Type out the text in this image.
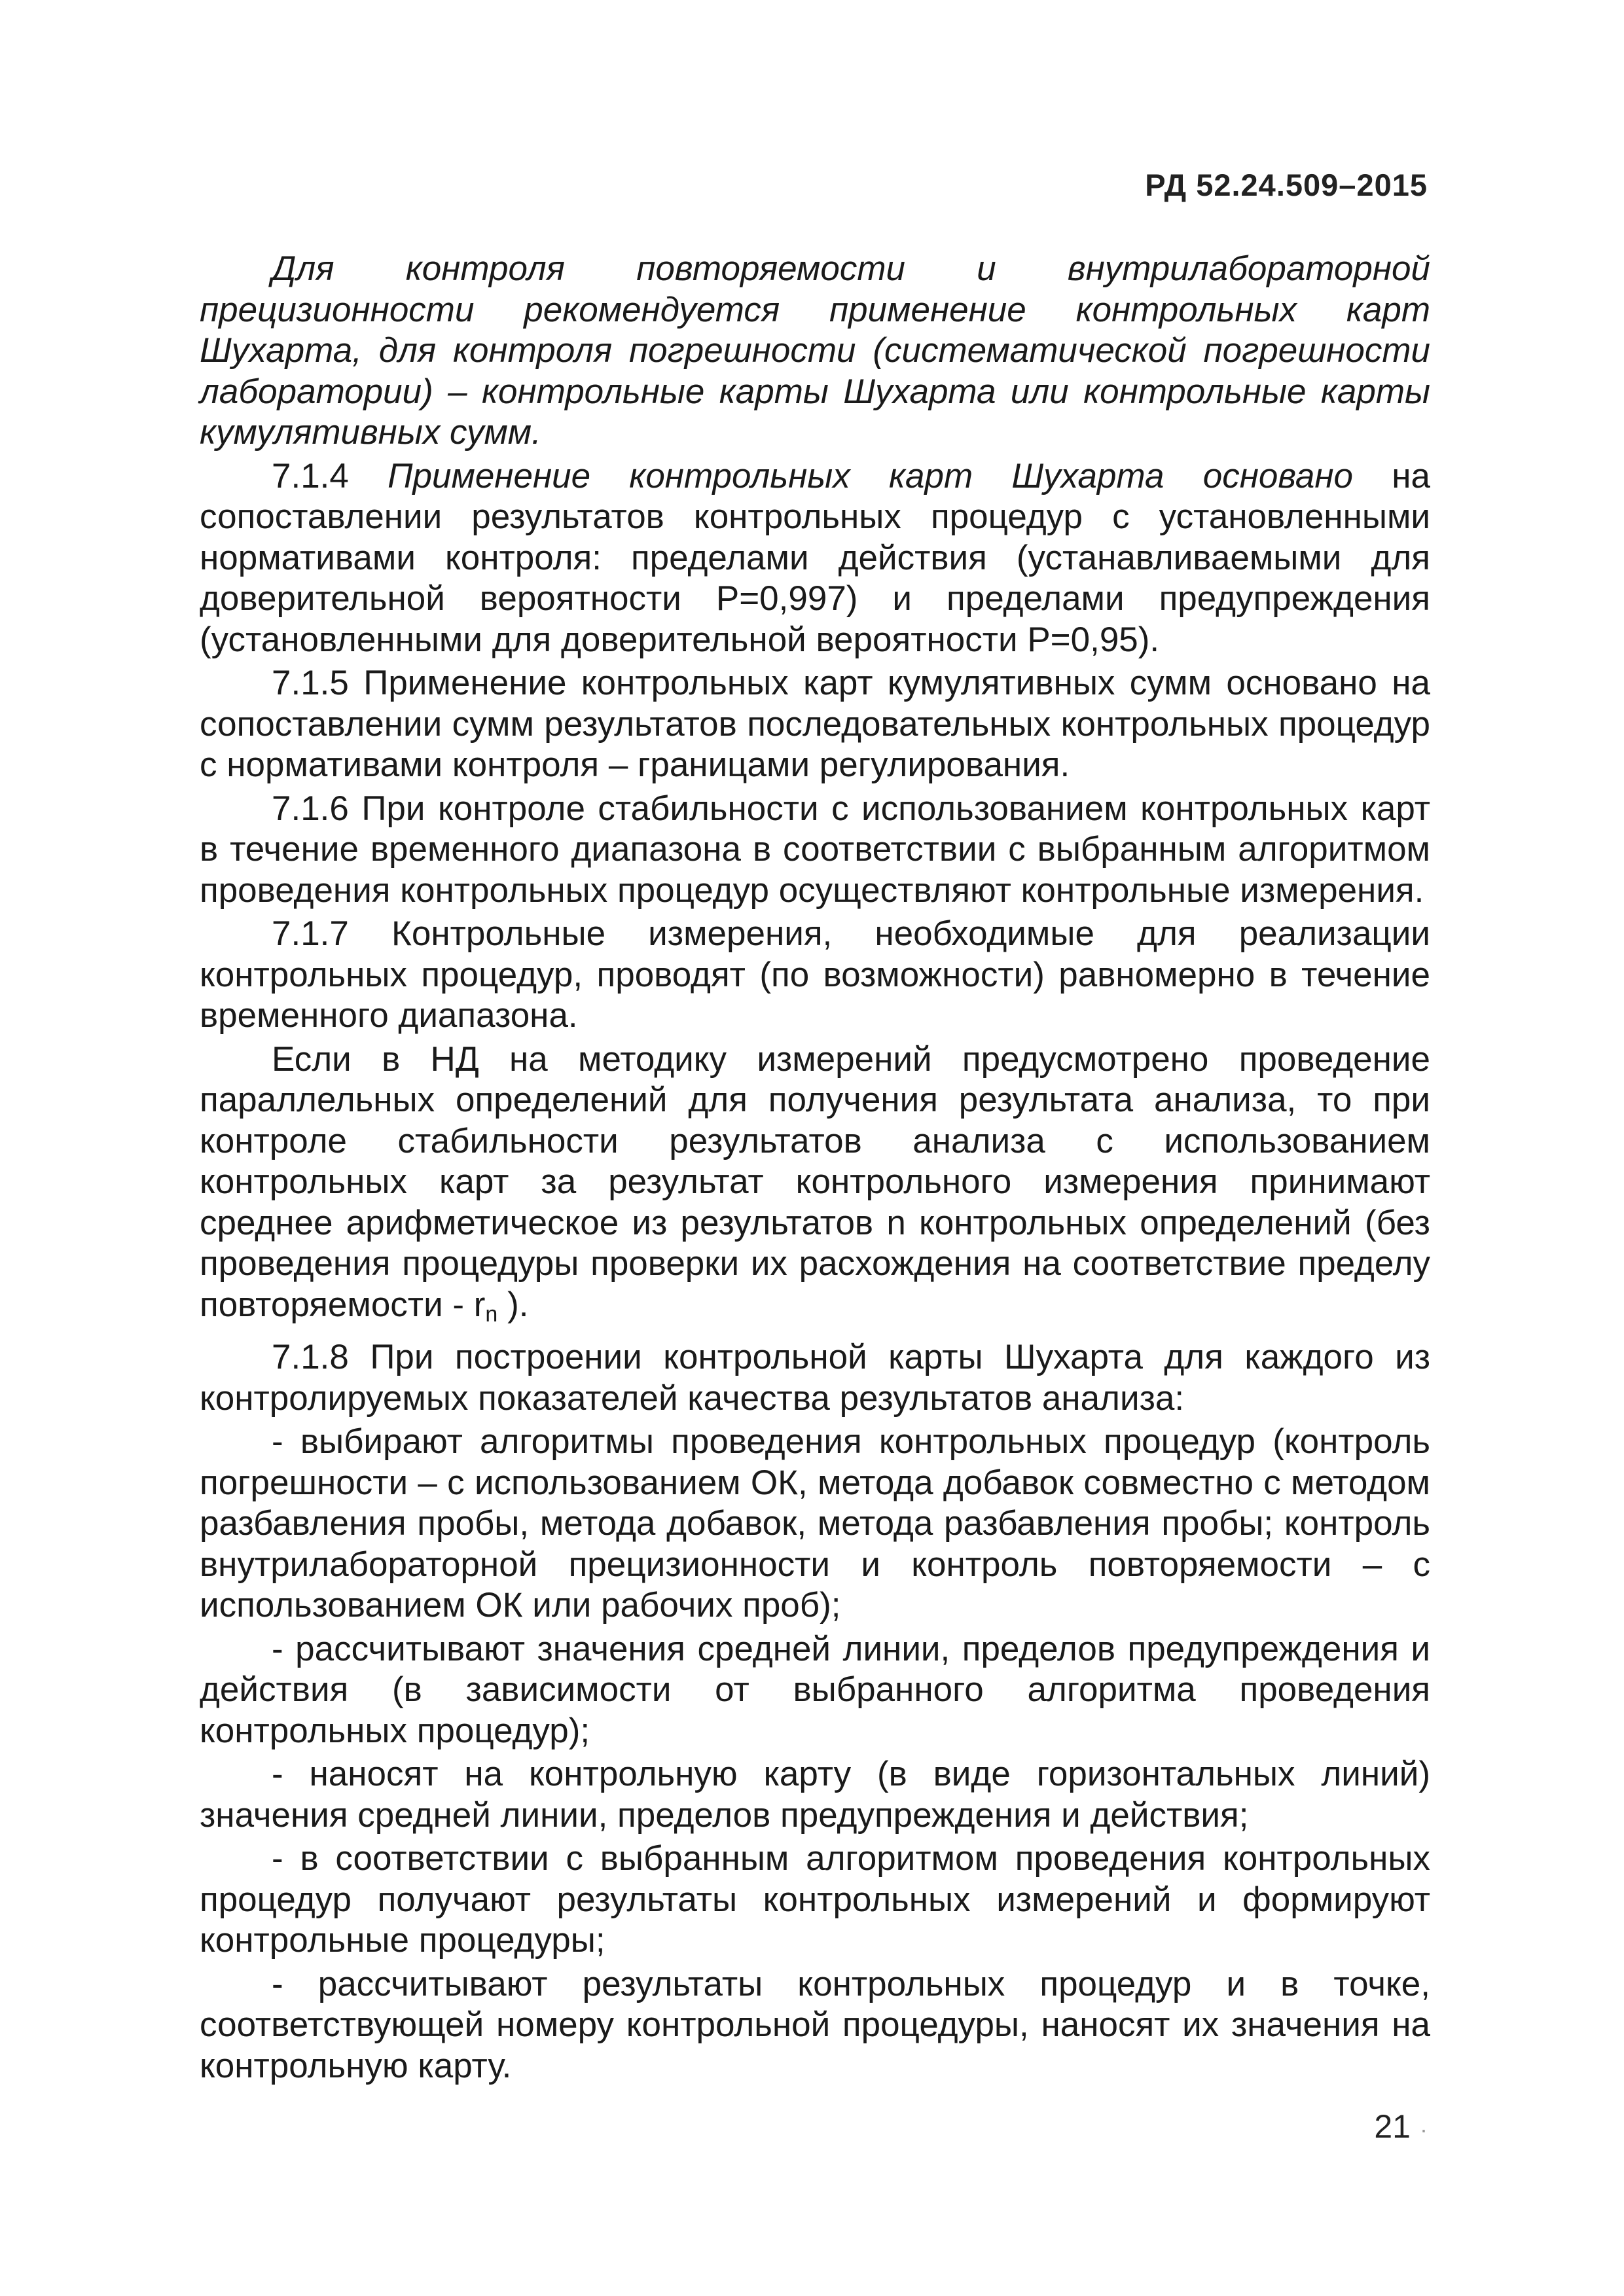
РД 52.24.509–2015

Для контроля повторяемости и внутрилабораторной прецизионности рекомендуется применение контрольных карт Шухарта, для контроля погрешности (систематической погрешности лаборатории) – контрольные карты Шухарта или контрольные карты кумулятивных сумм.

7.1.4 Применение контрольных карт Шухарта основано на сопоставлении результатов контрольных процедур с установленными нормативами контроля: пределами действия (устанавливаемыми для доверительной вероятности P=0,997) и пределами предупреждения (установленными для доверительной вероятности P=0,95).

7.1.5 Применение контрольных карт кумулятивных сумм основано на сопоставлении сумм результатов последовательных контрольных процедур с нормативами контроля – границами регулирования.

7.1.6 При контроле стабильности с использованием контрольных карт в течение временного диапазона в соответствии с выбранным алгоритмом проведения контрольных процедур осуществляют контрольные измерения.

7.1.7 Контрольные измерения, необходимые для реализации контрольных процедур, проводят (по возможности) равномерно в течение временного диапазона.

Если в НД на методику измерений предусмотрено проведение параллельных определений для получения результата анализа, то при контроле стабильности результатов анализа с использованием контрольных карт за результат контрольного измерения принимают среднее арифметическое из результатов n контрольных определений (без проведения процедуры проверки их расхождения на соответствие пределу повторяемости - $r_n$ ).

7.1.8 При построении контрольной карты Шухарта для каждого из контролируемых показателей качества результатов анализа:

- выбирают алгоритмы проведения контрольных процедур (контроль погрешности – с использованием ОК, метода добавок совместно с методом разбавления пробы, метода добавок, метода разбавления пробы; контроль внутрилабораторной прецизионности и контроль повторяемости – с использованием ОК или рабочих проб);

- рассчитывают значения средней линии, пределов предупреждения и действия (в зависимости от выбранного алгоритма проведения контрольных процедур);

- наносят на контрольную карту (в виде горизонтальных линий) значения средней линии, пределов предупреждения и действия;

- в соответствии с выбранным алгоритмом проведения контрольных процедур получают результаты контрольных измерений и формируют контрольные процедуры;

- рассчитывают результаты контрольных процедур и в точке, соответствующей номеру контрольной процедуры, наносят их значения на контрольную карту.

21 ·
